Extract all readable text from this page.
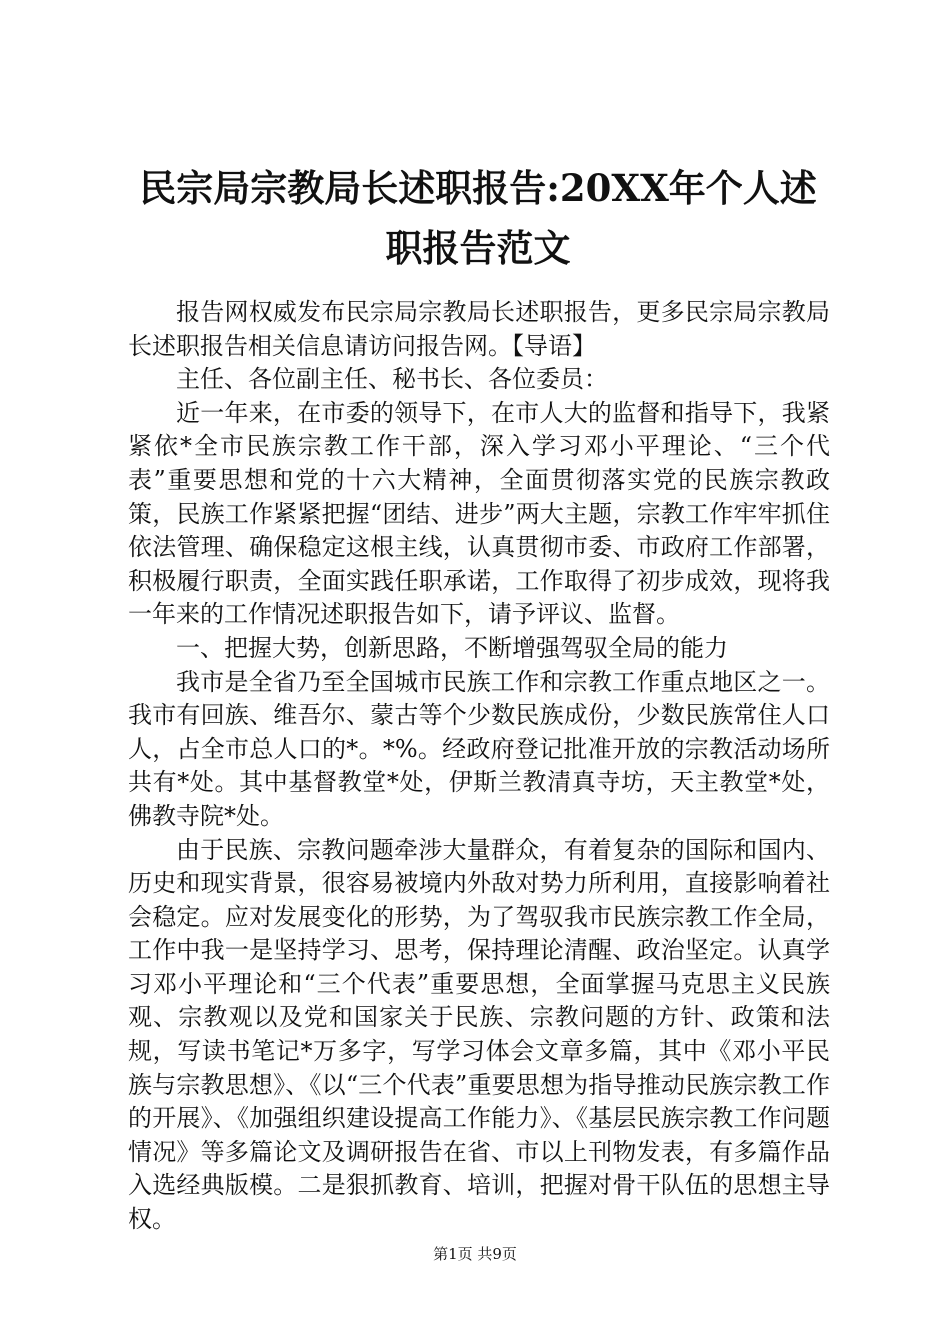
民宗局宗教局长述职报告:20XX年个人述职报告范文

报告网权威发布民宗局宗教局长述职报告，更多民宗局宗教局长述职报告相关信息请访问报告网。【导语】

主任、各位副主任、秘书长、各位委员：

近一年来，在市委的领导下，在市人大的监督和指导下，我紧紧依*全市民族宗教工作干部，深入学习邓小平理论、“三个代表”重要思想和党的十六大精神，全面贯彻落实党的民族宗教政策，民族工作紧紧把握“团结、进步”两大主题，宗教工作牢牢抓住依法管理、确保稳定这根主线，认真贯彻市委、市政府工作部署，积极履行职责，全面实践任职承诺，工作取得了初步成效，现将我一年来的工作情况述职报告如下，请予评议、监督。

一、把握大势，创新思路，不断增强驾驭全局的能力

我市是全省乃至全国城市民族工作和宗教工作重点地区之一。我市有回族、维吾尔、蒙古等个少数民族成份，少数民族常住人口人，占全市总人口的*。*%。经政府登记批准开放的宗教活动场所共有*处。其中基督教堂*处，伊斯兰教清真寺坊，天主教堂*处，佛教寺院*处。

由于民族、宗教问题牵涉大量群众，有着复杂的国际和国内、历史和现实背景，很容易被境内外敌对势力所利用，直接影响着社会稳定。应对发展变化的形势，为了驾驭我市民族宗教工作全局，工作中我一是坚持学习、思考，保持理论清醒、政治坚定。认真学习邓小平理论和“三个代表”重要思想，全面掌握马克思主义民族观、宗教观以及党和国家关于民族、宗教问题的方针、政策和法规，写读书笔记*万多字，写学习体会文章多篇，其中《邓小平民族与宗教思想》、《以“三个代表”重要思想为指导推动民族宗教工作的开展》、《加强组织建设提高工作能力》、《基层民族宗教工作问题情况》等多篇论文及调研报告在省、市以上刊物发表，有多篇作品入选经典版模。二是狠抓教育、培训，把握对骨干队伍的思想主导权。

第1页 共9页
